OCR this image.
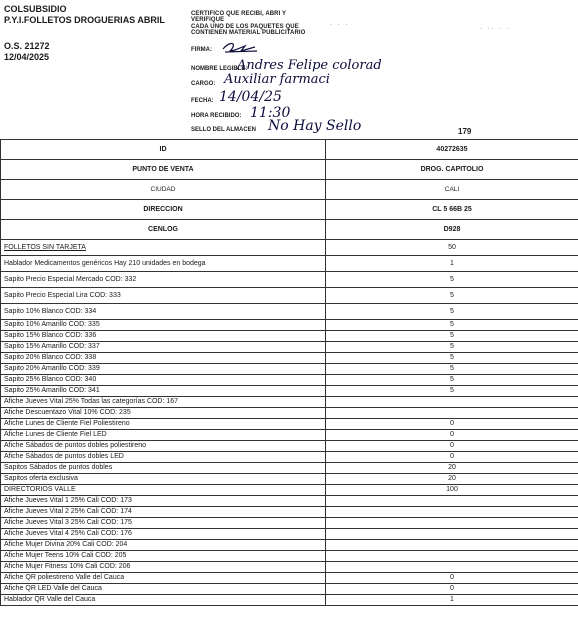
COLSUBSIDIO
P.Y.I.FOLLETOS DROGUERIAS ABRIL
O.S. 21272
12/04/2025
· · ·
· ·· · ·
CERTIFICO QUE RECIBI, ABRI Y
VERIFIQUE
CADA UNO DE LOS PAQUETES QUE
CONTIENEN MATERIAL PUBLICITARIO
FIRMA:
NOMBRE LEGIBLE:
Andres Felipe colorad
CARGO: Auxiliar farmaci
FECHA: 14/04/25
HORA RECIBIDO: 11:30
SELLO DEL ALMACEN No Hay Sello	179
ID	40272635
PUNTO DE VENTA	DROG. CAPITOLIO
CIUDAD	CALI
DIRECCION	CL 5 66B 25
CENLOG	D928
FOLLETOS SIN TARJETA	50
Hablador Medicamentos genéricos Hay 210 unidades en bodega	1
Sapito Precio Especial Mercado COD: 332	5
Sapito Precio Especial Lira COD: 333	5
Sapito 10% Blanco COD: 334	5
Sapito 10% Amarillo COD: 335	5
Sapito 15% Blanco COD: 336	5
Sapito 15% Amarillo COD: 337	5
Sapito 20% Blanco COD: 338	5
Sapito 20% Amarillo COD: 339	5
Sapito 25% Blanco COD: 340	5
Sapito 25% Amarillo COD: 341	5
Afiche Jueves Vital 25% Todas las categorías COD: 167	
Afiche Descuentazo Vital 10% COD: 235	
Afiche Lunes de Cliente Fiel Poliestireno	0
Afiche Lunes de Cliente Fiel LED	0
Afiche Sábados de puntos dobles poliestireno	0
Afiche Sábados de puntos dobles LED	0
Sapitos Sábados de puntos dobles	20
Sapitos oferta exclusiva	20
DIRECTORIOS VALLE	100
Afiche Jueves Vital 1 25% Cali COD: 173	
Afiche Jueves Vital 2 25% Cali COD: 174	
Afiche Jueves Vital 3 25% Cali COD: 175	
Afiche Jueves Vital 4 25% Cali COD: 176	
Afiche Mujer Divina 20% Cali COD: 204	
Afiche Mujer Teens 10% Cali COD: 205	
Afiche Mujer Fitness 10% Cali COD: 206	
Afiche QR poliestireno Valle del Cauca	0
Afiche QR LED Valle del Cauca	0
Hablador QR Valle del Cauca	1
